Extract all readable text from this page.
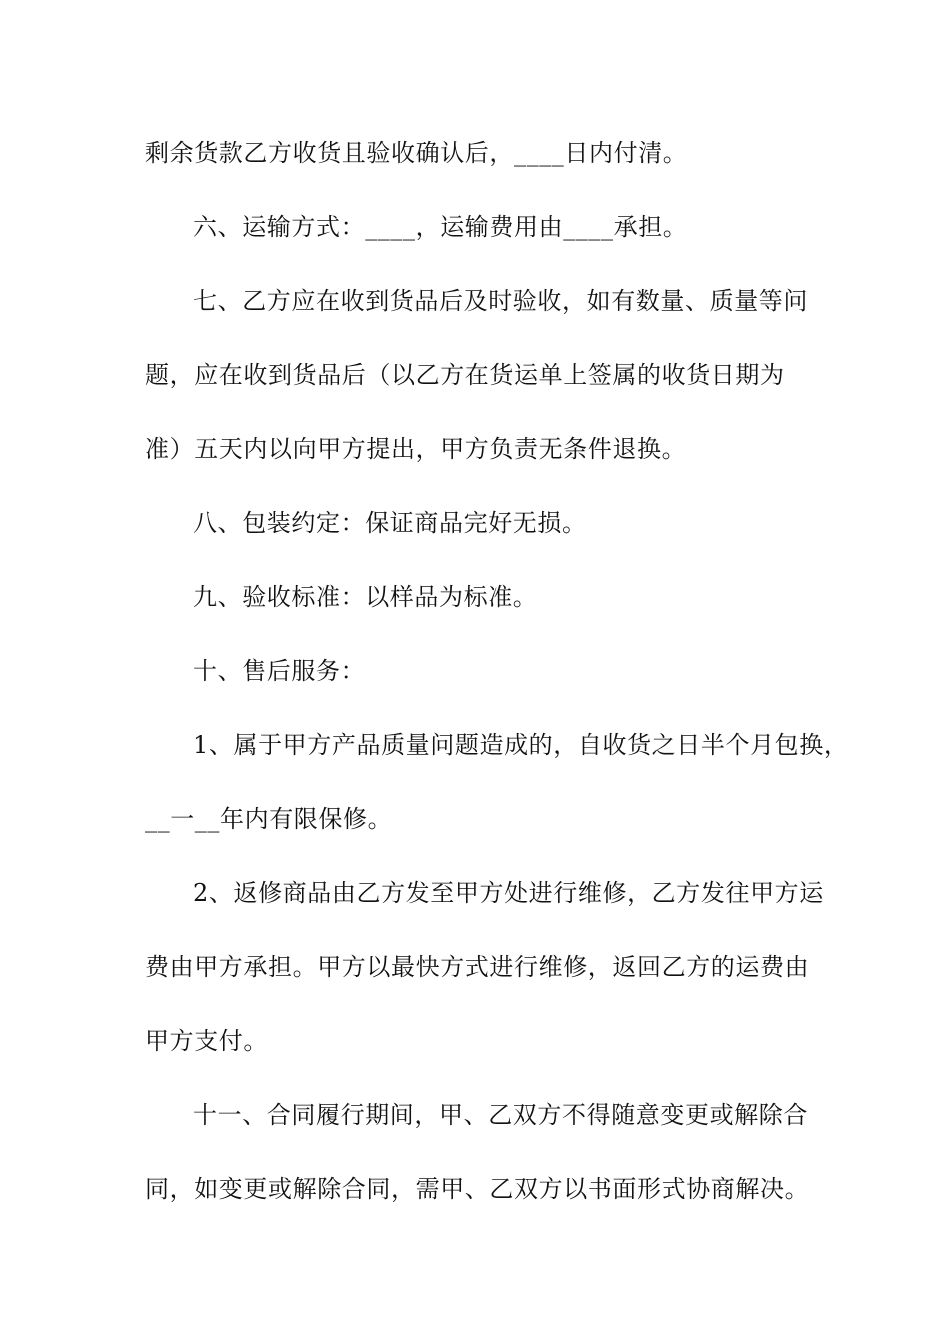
剩余货款乙方收货且验收确认后，____日内付清。

六、运输方式：____，运输费用由____承担。

七、乙方应在收到货品后及时验收，如有数量、质量等问

题，应在收到货品后（以乙方在货运单上签属的收货日期为

准）五天内以向甲方提出，甲方负责无条件退换。

八、包装约定：保证商品完好无损。

九、验收标准：以样品为标准。

十、售后服务：

1、属于甲方产品质量问题造成的，自收货之日半个月包换，

__一__年内有限保修。

2、返修商品由乙方发至甲方处进行维修，乙方发往甲方运

费由甲方承担。甲方以最快方式进行维修，返回乙方的运费由

甲方支付。

十一、合同履行期间，甲、乙双方不得随意变更或解除合

同，如变更或解除合同，需甲、乙双方以书面形式协商解决。
